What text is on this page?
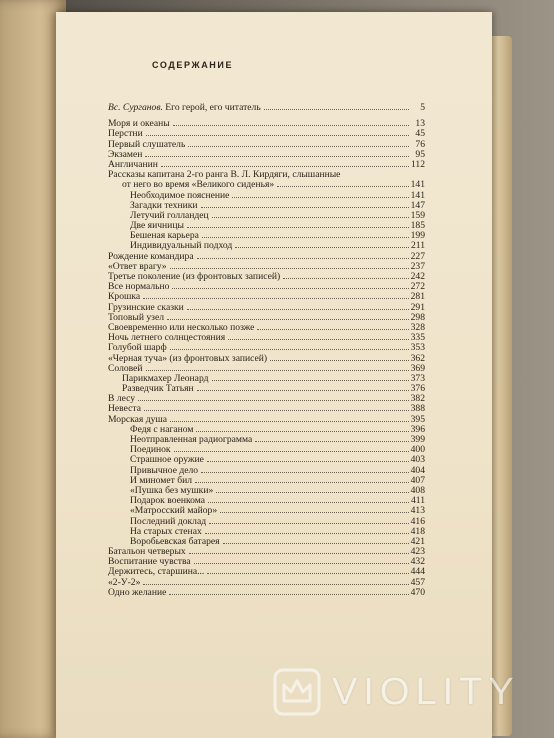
СОДЕРЖАНИЕ
Вс. Сурганов. Его герой, его читатель	5
Моря и океаны	13
Перстни	45
Первый слушатель	76
Экзамен	95
Англичанин	112
Рассказы капитана 2-го ранга В. Л. Кирдяги, слышанные
от него во время «Великого сиденья»	141
Необходимое пояснение	141
Загадки техники	147
Летучий голландец	159
Две яичницы	185
Бешеная карьера	199
Индивидуальный подход	211
Рождение командира	227
«Ответ врагу»	237
Третье поколение (из фронтовых записей)	242
Все нормально	272
Крошка	281
Грузинские сказки	291
Топовый узел	298
Своевременно или несколько позже	328
Ночь летнего солнцестояния	335
Голубой шарф	353
«Черная туча» (из фронтовых записей)	362
Соловей	369
Парикмахер Леонард	373
Разведчик Татьян	376
В лесу	382
Невеста	388
Морская душа	395
Федя с наганом	396
Неотправленная радиограмма	399
Поединок	400
Страшное оружие	403
Привычное дело	404
И миномет бил	407
«Пушка без мушки»	408
Подарок военкома	411
«Матросский майор»	413
Последний доклад	416
На старых стенах	418
Воробьевская батарея	421
Батальон четверых	423
Воспитание чувства	432
Держитесь, старшина...	444
«2-У-2»	457
Одно желание	470
VIOLITY
